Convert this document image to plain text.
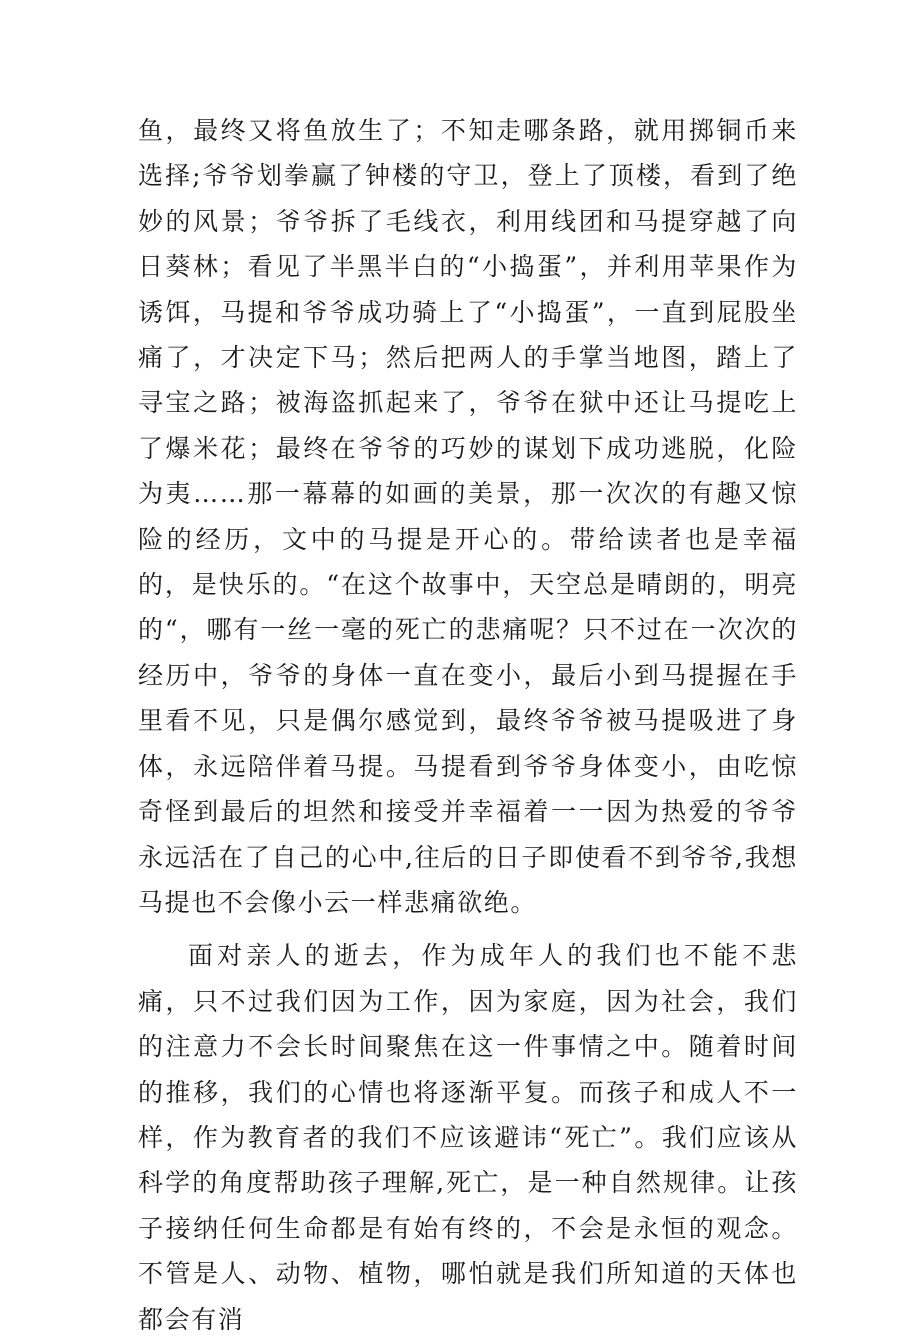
鱼，最终又将鱼放生了；不知走哪条路，就用掷铜币来选择;爷爷划拳赢了钟楼的守卫，登上了顶楼，看到了绝妙的风景；爷爷拆了毛线衣，利用线团和马提穿越了向日葵林；看见了半黑半白的“小捣蛋”，并利用苹果作为诱饵，马提和爷爷成功骑上了“小捣蛋”，一直到屁股坐痛了，才决定下马；然后把两人的手掌当地图，踏上了寻宝之路；被海盗抓起来了，爷爷在狱中还让马提吃上了爆米花；最终在爷爷的巧妙的谋划下成功逃脱，化险为夷……那一幕幕的如画的美景，那一次次的有趣又惊险的经历，文中的马提是开心的。带给读者也是幸福的，是快乐的。“在这个故事中，天空总是晴朗的，明亮的“，哪有一丝一毫的死亡的悲痛呢？只不过在一次次的经历中，爷爷的身体一直在变小，最后小到马提握在手里看不见，只是偶尔感觉到，最终爷爷被马提吸进了身体，永远陪伴着马提。马提看到爷爷身体变小，由吃惊奇怪到最后的坦然和接受并幸福着一一因为热爱的爷爷永远活在了自己的心中,往后的日子即使看不到爷爷,我想马提也不会像小云一样悲痛欲绝。

面对亲人的逝去，作为成年人的我们也不能不悲痛，只不过我们因为工作，因为家庭，因为社会，我们的注意力不会长时间聚焦在这一件事情之中。随着时间的推移，我们的心情也将逐渐平复。而孩子和成人不一样，作为教育者的我们不应该避讳“死亡”。我们应该从科学的角度帮助孩子理解,死亡，是一种自然规律。让孩子接纳任何生命都是有始有终的，不会是永恒的观念。不管是人、动物、植物，哪怕就是我们所知道的天体也都会有消
